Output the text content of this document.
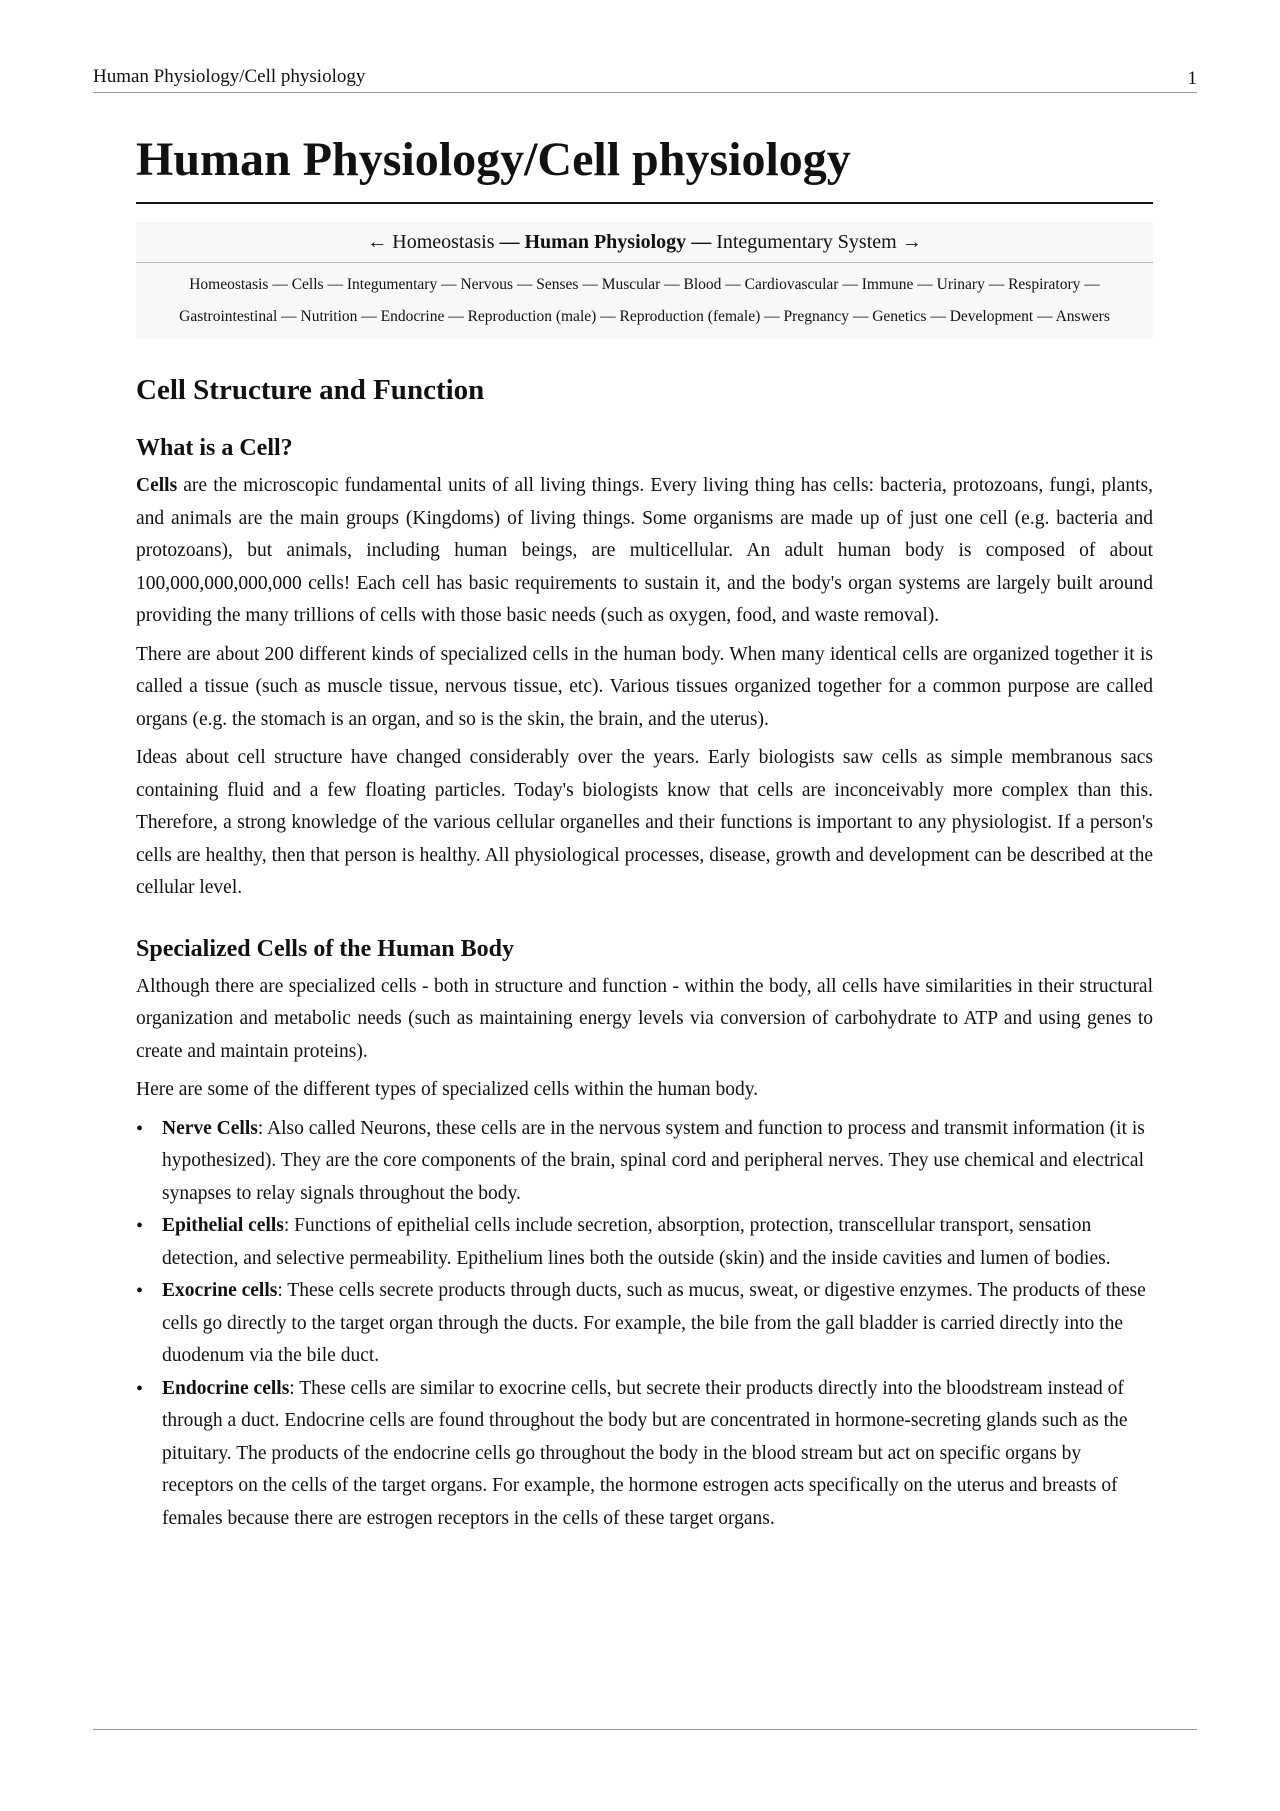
Human Physiology/Cell physiology	1
Human Physiology/Cell physiology
← Homeostasis — Human Physiology — Integumentary System →
Homeostasis — Cells — Integumentary — Nervous — Senses — Muscular — Blood — Cardiovascular — Immune — Urinary — Respiratory — Gastrointestinal — Nutrition — Endocrine — Reproduction (male) — Reproduction (female) — Pregnancy — Genetics — Development — Answers
Cell Structure and Function
What is a Cell?

Cells are the microscopic fundamental units of all living things. Every living thing has cells: bacteria, protozoans, fungi, plants, and animals are the main groups (Kingdoms) of living things. Some organisms are made up of just one cell (e.g. bacteria and protozoans), but animals, including human beings, are multicellular. An adult human body is composed of about 100,000,000,000,000 cells! Each cell has basic requirements to sustain it, and the body's organ systems are largely built around providing the many trillions of cells with those basic needs (such as oxygen, food, and waste removal).

There are about 200 different kinds of specialized cells in the human body. When many identical cells are organized together it is called a tissue (such as muscle tissue, nervous tissue, etc). Various tissues organized together for a common purpose are called organs (e.g. the stomach is an organ, and so is the skin, the brain, and the uterus).

Ideas about cell structure have changed considerably over the years. Early biologists saw cells as simple membranous sacs containing fluid and a few floating particles. Today's biologists know that cells are inconceivably more complex than this. Therefore, a strong knowledge of the various cellular organelles and their functions is important to any physiologist. If a person's cells are healthy, then that person is healthy. All physiological processes, disease, growth and development can be described at the cellular level.

Specialized Cells of the Human Body

Although there are specialized cells - both in structure and function - within the body, all cells have similarities in their structural organization and metabolic needs (such as maintaining energy levels via conversion of carbohydrate to ATP and using genes to create and maintain proteins).

Here are some of the different types of specialized cells within the human body.

• Nerve Cells: Also called Neurons, these cells are in the nervous system and function to process and transmit information (it is hypothesized). They are the core components of the brain, spinal cord and peripheral nerves. They use chemical and electrical synapses to relay signals throughout the body.
• Epithelial cells: Functions of epithelial cells include secretion, absorption, protection, transcellular transport, sensation detection, and selective permeability. Epithelium lines both the outside (skin) and the inside cavities and lumen of bodies.
• Exocrine cells: These cells secrete products through ducts, such as mucus, sweat, or digestive enzymes. The products of these cells go directly to the target organ through the ducts. For example, the bile from the gall bladder is carried directly into the duodenum via the bile duct.
• Endocrine cells: These cells are similar to exocrine cells, but secrete their products directly into the bloodstream instead of through a duct. Endocrine cells are found throughout the body but are concentrated in hormone-secreting glands such as the pituitary. The products of the endocrine cells go throughout the body in the blood stream but act on specific organs by receptors on the cells of the target organs. For example, the hormone estrogen acts specifically on the uterus and breasts of females because there are estrogen receptors in the cells of these target organs.
